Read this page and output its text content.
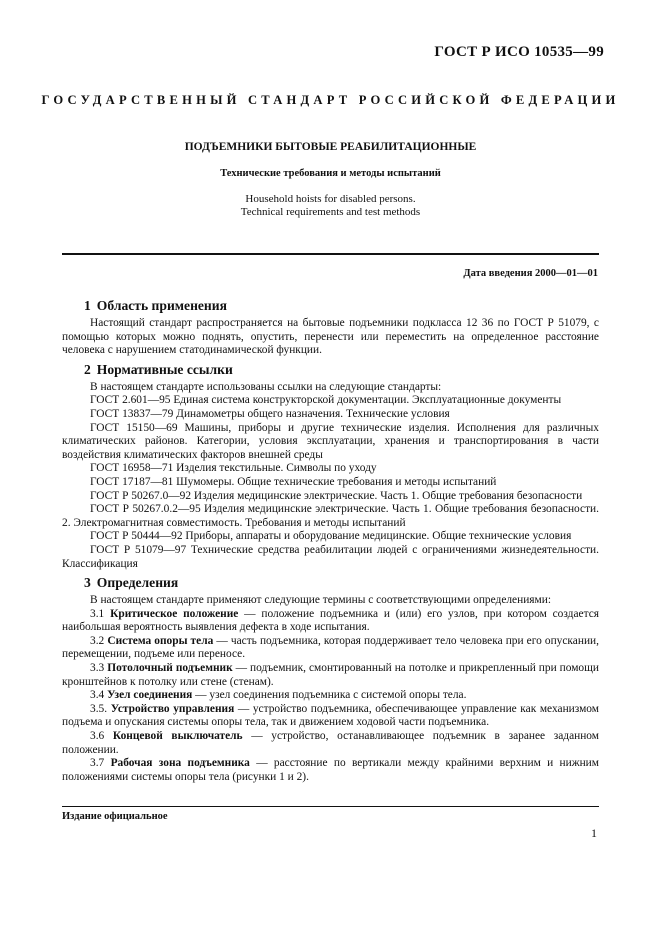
ГОСТ Р ИСО 10535—99
ГОСУДАРСТВЕННЫЙ СТАНДАРТ РОССИЙСКОЙ ФЕДЕРАЦИИ
ПОДЪЕМНИКИ БЫТОВЫЕ РЕАБИЛИТАЦИОННЫЕ
Технические требования и методы испытаний
Household hoists for disabled persons.
Technical requirements and test methods
Дата введения 2000—01—01
1 Область применения

Настоящий стандарт распространяется на бытовые подъемники подкласса 12 36 по ГОСТ Р 51079, с помощью которых можно поднять, опустить, перенести или переместить на определенное расстояние человека с нарушением статодинамической функции.

2 Нормативные ссылки

В настоящем стандарте использованы ссылки на следующие стандарты:

ГОСТ 2.601—95 Единая система конструкторской документации. Эксплуатационные документы

ГОСТ 13837—79 Динамометры общего назначения. Технические условия

ГОСТ 15150—69 Машины, приборы и другие технические изделия. Исполнения для различных климатических районов. Категории, условия эксплуатации, хранения и транспортирования в части воздействия климатических факторов внешней среды

ГОСТ 16958—71 Изделия текстильные. Символы по уходу

ГОСТ 17187—81 Шумомеры. Общие технические требования и методы испытаний

ГОСТ Р 50267.0—92 Изделия медицинские электрические. Часть 1. Общие требования безопасности

ГОСТ Р 50267.0.2—95 Изделия медицинские электрические. Часть 1. Общие требования безопасности. 2. Электромагнитная совместимость. Требования и методы испытаний

ГОСТ Р 50444—92 Приборы, аппараты и оборудование медицинские. Общие технические условия

ГОСТ Р 51079—97 Технические средства реабилитации людей с ограничениями жизнедеятельности. Классификация

3 Определения

В настоящем стандарте применяют следующие термины с соответствующими определениями:

3.1 Критическое положение — положение подъемника и (или) его узлов, при котором создается наибольшая вероятность выявления дефекта в ходе испытания.

3.2 Система опоры тела — часть подъемника, которая поддерживает тело человека при его опускании, перемещении, подъеме или переносе.

3.3 Потолочный подъемник — подъемник, смонтированный на потолке и прикрепленный при помощи кронштейнов к потолку или стене (стенам).

3.4 Узел соединения — узел соединения подъемника с системой опоры тела.

3.5. Устройство управления — устройство подъемника, обеспечивающее управление как механизмом подъема и опускания системы опоры тела, так и движением ходовой части подъемника.

3.6 Концевой выключатель — устройство, останавливающее подъемник в заранее заданном положении.

3.7 Рабочая зона подъемника — расстояние по вертикали между крайними верхним и нижним положениями системы опоры тела (рисунки 1 и 2).

Издание официальное
1
